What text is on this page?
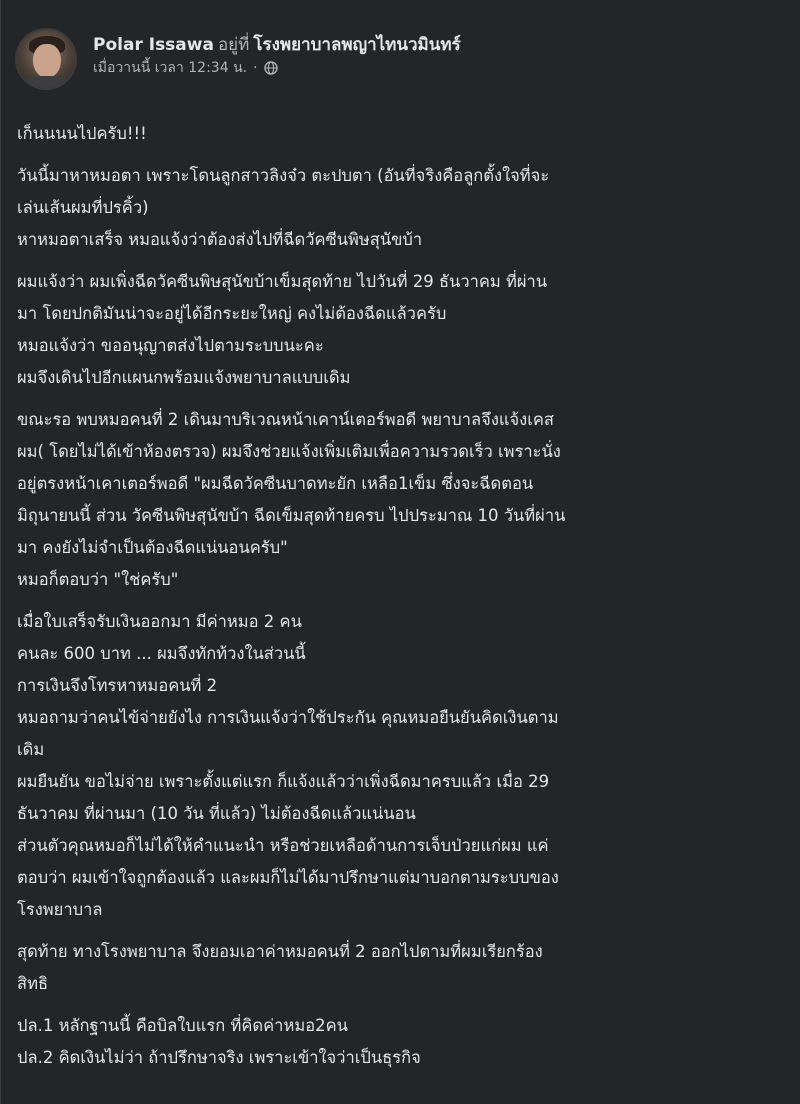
Polar Issawa อยู่ที่ โรงพยาบาลพญาไทนวมินทร์
เมื่อวานนี้ เวลา 12:34 น. ·
เก็นนนนไปครับ!!!
วันนี้มาหาหมอตา เพราะโดนลูกสาวลิงจ๋ว ตะปบตา (อันที่จริงคือลูกตั้งใจที่จะ
เล่นเส้นผมที่ปรคิ้ว)
หาหมอตาเสร็จ หมอแจ้งว่าต้องส่งไปที่ฉีดวัคซีนพิษสุนัขบ้า
ผมแจ้งว่า ผมเพิ่งฉีดวัคซีนพิษสุนัขบ้าเข็มสุดท้าย ไปวันที่ 29 ธันวาคม ที่ผ่าน
มา โดยปกติมันน่าจะอยู่ได้อีกระยะใหญ่ คงไม่ต้องฉีดแล้วครับ
หมอแจ้งว่า ขออนุญาตส่งไปตามระบบนะคะ
ผมจึงเดินไปอีกแผนกพร้อมแจ้งพยาบาลแบบเดิม
ขณะรอ พบหมอคนที่ 2 เดินมาบริเวณหน้าเคาน์เตอร์พอดี พยาบาลจึงแจ้งเคส
ผม( โดยไม่ได้เข้าห้องตรวจ) ผมจึงช่วยแจ้งเพิ่มเติมเพื่อความรวดเร็ว เพราะนั่ง
อยู่ตรงหน้าเคาเตอร์พอดี "ผมฉีดวัคซีนบาดทะยัก เหลือ1เข็ม ซึ่งจะฉีดตอน
มิถุนายนนี้ ส่วน วัคซีนพิษสุนัขบ้า ฉีดเข็มสุดท้ายครบ ไปประมาณ 10 วันที่ผ่าน
มา คงยังไม่จำเป็นต้องฉีดแน่นอนครับ"
หมอก็ตอบว่า "ใช่ครับ"
เมื่อใบเสร็จรับเงินออกมา มีค่าหมอ 2 คน
คนละ 600 บาท ... ผมจึงทักท้วงในส่วนนี้
การเงินจึงโทรหาหมอคนที่ 2
หมอถามว่าคนไข้จ่ายยังไง การเงินแจ้งว่าใช้ประกัน คุณหมอยืนยันคิดเงินตาม
เดิม
ผมยืนยัน ขอไม่จ่าย เพราะตั้งแต่แรก ก็แจ้งแล้วว่าเพิ่งฉีดมาครบแล้ว เมื่อ 29
ธันวาคม ที่ผ่านมา (10 วัน ที่แล้ว) ไม่ต้องฉีดแล้วแน่นอน
ส่วนตัวคุณหมอก็ไม่ได้ให้คำแนะนำ หรือช่วยเหลือด้านการเจ็บป่วยแก่ผม แค่
ตอบว่า ผมเข้าใจถูกต้องแล้ว และผมก็ไม่ได้มาปรึกษาแต่มาบอกตามระบบของ
โรงพยาบาล
สุดท้าย ทางโรงพยาบาล จึงยอมเอาค่าหมอคนที่ 2 ออกไปตามที่ผมเรียกร้อง
สิทธิ
ปล.1 หลักฐานนี้ คือบิลใบแรก ที่คิดค่าหมอ2คน
ปล.2 คิดเงินไม่ว่า ถ้าปรึกษาจริง เพราะเข้าใจว่าเป็นธุรกิจ
